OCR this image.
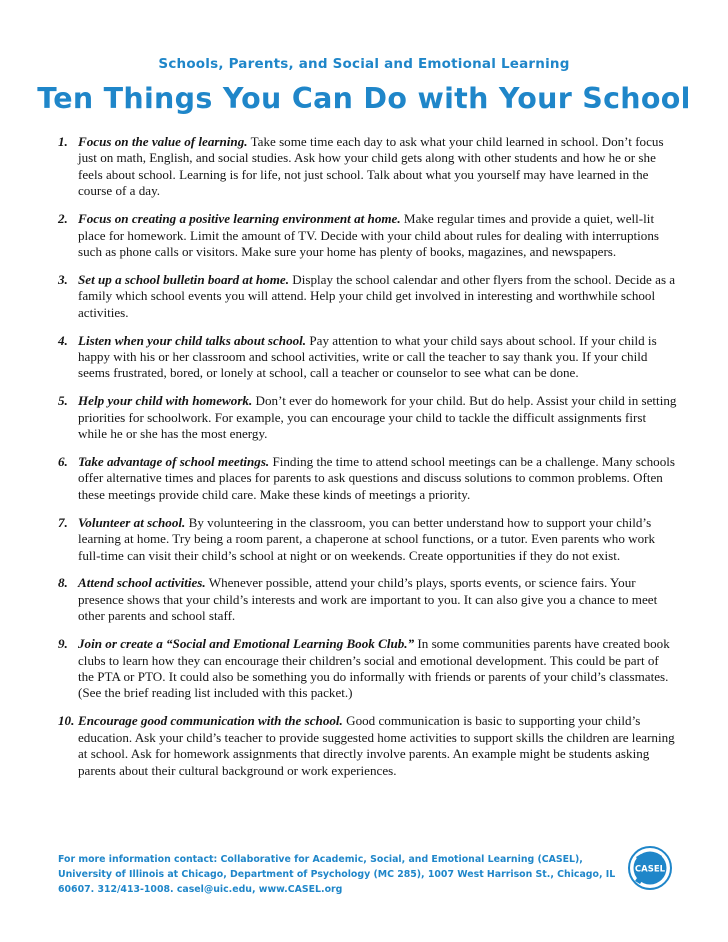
Schools, Parents, and Social and Emotional Learning
Ten Things You Can Do with Your School
1. Focus on the value of learning. Take some time each day to ask what your child learned in school. Don’t focus just on math, English, and social studies. Ask how your child gets along with other students and how he or she feels about school. Learning is for life, not just school. Talk about what you yourself may have learned in the course of a day.
2. Focus on creating a positive learning environment at home. Make regular times and provide a quiet, well-lit place for homework. Limit the amount of TV. Decide with your child about rules for dealing with interruptions such as phone calls or visitors. Make sure your home has plenty of books, magazines, and newspapers.
3. Set up a school bulletin board at home. Display the school calendar and other flyers from the school. Decide as a family which school events you will attend. Help your child get involved in interesting and worthwhile school activities.
4. Listen when your child talks about school. Pay attention to what your child says about school. If your child is happy with his or her classroom and school activities, write or call the teacher to say thank you. If your child seems frustrated, bored, or lonely at school, call a teacher or counselor to see what can be done.
5. Help your child with homework. Don’t ever do homework for your child. But do help. Assist your child in setting priorities for schoolwork. For example, you can encourage your child to tackle the difficult assignments first while he or she has the most energy.
6. Take advantage of school meetings. Finding the time to attend school meetings can be a challenge. Many schools offer alternative times and places for parents to ask questions and discuss solutions to common problems. Often these meetings provide child care. Make these kinds of meetings a priority.
7. Volunteer at school. By volunteering in the classroom, you can better understand how to support your child’s learning at home. Try being a room parent, a chaperone at school functions, or a tutor. Even parents who work full-time can visit their child’s school at night or on weekends. Create opportunities if they do not exist.
8. Attend school activities. Whenever possible, attend your child’s plays, sports events, or science fairs. Your presence shows that your child’s interests and work are important to you. It can also give you a chance to meet other parents and school staff.
9. Join or create a “Social and Emotional Learning Book Club.” In some communities parents have created book clubs to learn how they can encourage their children’s social and emotional development. This could be part of the PTA or PTO. It could also be something you do informally with friends or parents of your child’s classmates. (See the brief reading list included with this packet.)
10. Encourage good communication with the school. Good communication is basic to supporting your child’s education. Ask your child’s teacher to provide suggested home activities to support skills the children are learning at school. Ask for homework assignments that directly involve parents. An example might be students asking parents about their cultural background or work experiences.
For more information contact: Collaborative for Academic, Social, and Emotional Learning (CASEL), University of Illinois at Chicago, Department of Psychology (MC 285), 1007 West Harrison St., Chicago, IL 60607. 312/413-1008. casel@uic.edu, www.CASEL.org
CASEL
